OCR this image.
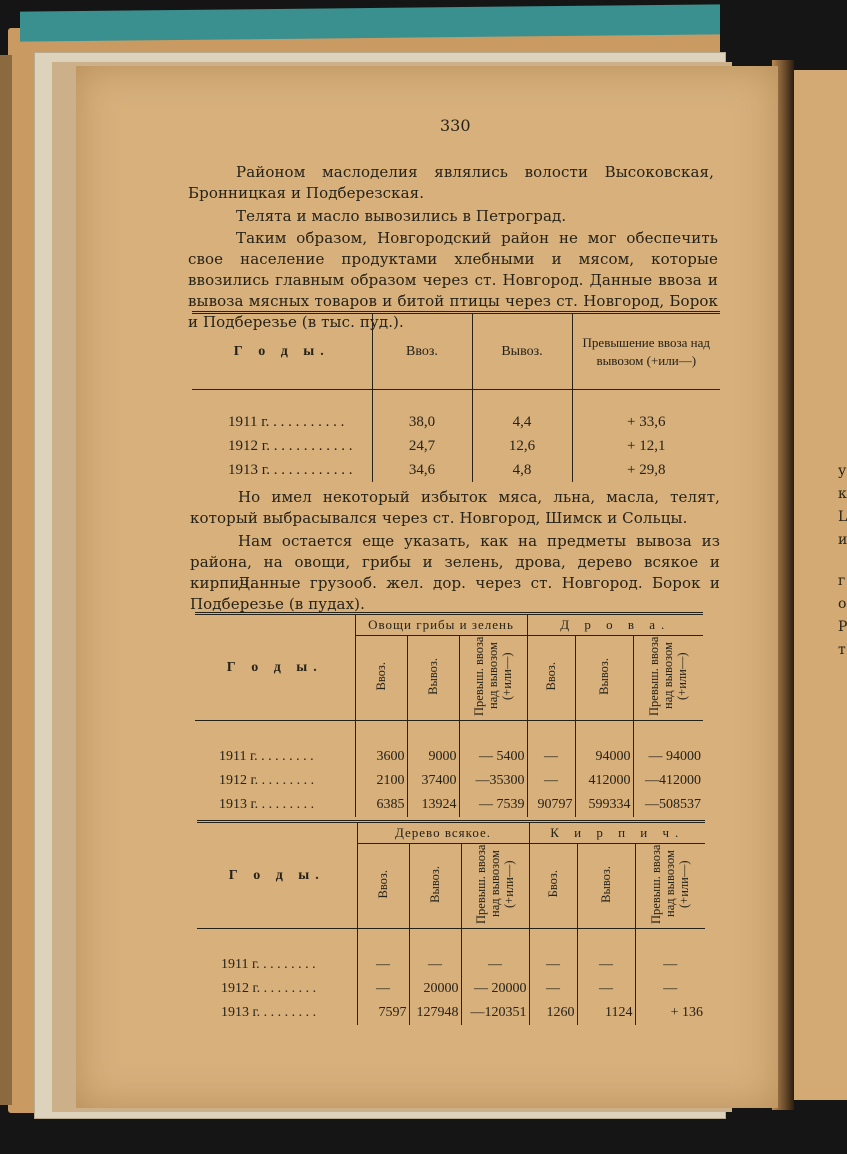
у
к
L
и
г
о
Р
т
330
Районом маслоделия являлись волости Высоковская, Бронницкая и Подберезская.
Телята и масло вывозились в Петроград.
Таким образом, Новгородский район не мог обеспечить свое население продуктами хлебными и мясом, которые ввозились главным образом через ст. Новгород. Данные ввоза и вывоза мясных товаров и битой птицы через ст. Новгород, Борок и Подберезье (в тыс. пуд.).
Г о д ы.	Ввоз.	Вывоз.	Превышение ввоза над вывозом (+или—)

1911 г. . . . . . . . . . .	38,0	4,4	+ 33,6
1912 г. . . . . . . . . . . .	24,7	12,6	+ 12,1
1913 г. . . . . . . . . . . .	34,6	4,8	+ 29,8
Но имел некоторый избыток мяса, льна, масла, телят, который выбрасывался через ст. Новгород, Шимск и Сольцы.
Нам остается еще указать, как на предметы вывоза из района, на овощи, грибы и зелень, дрова, дерево всякое и кирпич.
Данные грузооб. жел. дор. через ст. Новгород. Борок и Подберезье (в пудах).
Г о д ы.	Овощи грибы и зелень			Д р о в а.		
	Ввоз.	Вывоз.	Превыш. ввоза над вывозом (+или—)	Ввоз.	Вывоз.	Превыш. ввоза над вывозом (+или—)

1911 г. . . . . . . . .	3600	9000	— 5400	—	94000	— 94000
1912 г. . . . . . . . .	2100	37400	—35300	—	412000	—412000
1913 г. . . . . . . . .	6385	13924	— 7539	90797	599334	—508537
Г о д ы.	Дерево всякое.			К и р п и ч.		
	Ввоз.	Вывоз.	Превыш. ввоза над вывозом (+или—)	Бвоз.	Вывоз.	Превыш. ввоза над вывозом (+или—)

1911 г. . . . . . . . .	—	—	—	—	—	—
1912 г. . . . . . . . .	—	20000	— 20000	—	—	—
1913 г. . . . . . . . .	7597	127948	—120351	1260	1124	+ 136
